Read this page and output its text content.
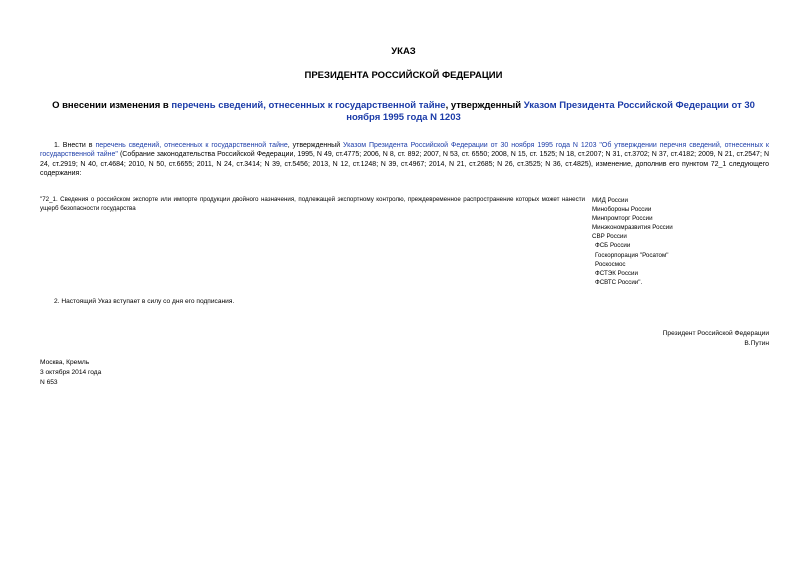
УКАЗ
ПРЕЗИДЕНТА РОССИЙСКОЙ ФЕДЕРАЦИИ
О внесении изменения в перечень сведений, отнесенных к государственной тайне, утвержденный Указом Президента Российской Федерации от 30 ноября 1995 года N 1203
1. Внести в перечень сведений, отнесенных к государственной тайне, утвержденный Указом Президента Российской Федерации от 30 ноября 1995 года N 1203 "Об утверждении перечня сведений, отнесенных к государственной тайне" (Собрание законодательства Российской Федерации, 1995, N 49, ст.4775; 2006, N 8, ст. 892; 2007, N 53, ст. 6550; 2008, N 15, ст. 1525; N 18, ст.2007; N 31, ст.3702; N 37, ст.4182; 2009, N 21, ст.2547; N 24, ст.2919; N 40, ст.4684; 2010, N 50, ст.6655; 2011, N 24, ст.3414; N 39, ст.5456; 2013, N 12, ст.1248; N 39, ст.4967; 2014, N 21, ст.2685; N 26, ст.3525; N 36, ст.4825), изменение, дополнив его пунктом 72_1 следующего содержания:
"72_1. Сведения о российском экспорте или импорте продукции двойного назначения, подлежащей экспортному контролю, преждевременное распространение которых может нанести ущерб безопасности государства
МИД России
Минобороны России
Минпромторг России
Минэкономразвития России
СВР России
ФСБ России
Госкорпорация "Росатом"
Роскосмос
ФСТЭК России
ФСВТС России".
2. Настоящий Указ вступает в силу со дня его подписания.
Президент Российской Федерации
В.Путин
Москва, Кремль
3 октября 2014 года
N 653
